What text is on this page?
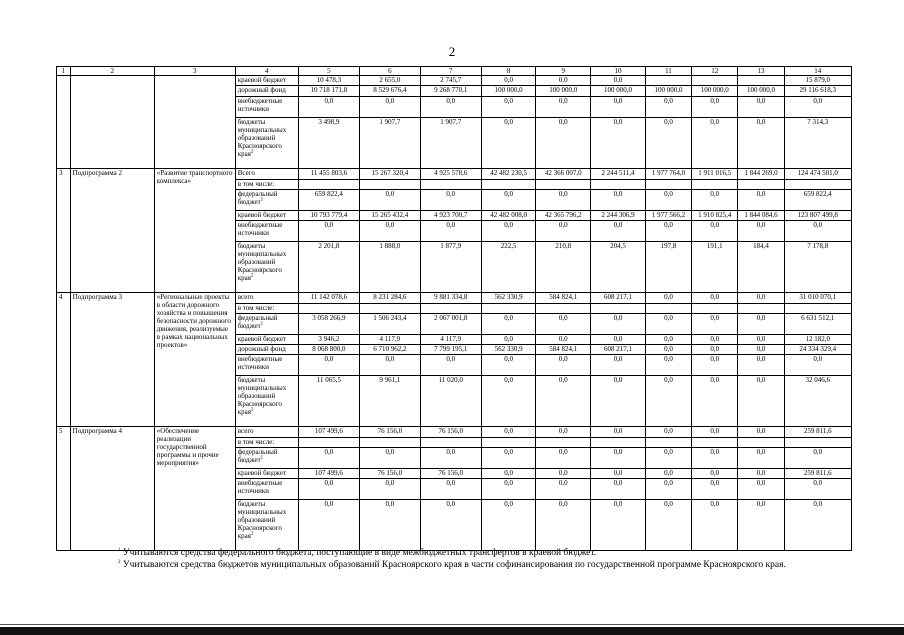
2
1	2	3	4	5	6	7	8	9	10	11	12	13	14
			краевой бюджет	10 478,3	2 655,0	2 745,7	0,0	0,0	0,0				15 879,0
			дорожный фонд	10 718 171,8	8 529 676,4	9 268 770,1	100 000,0	100 000,0	100 000,0	100 000,0	100 000,0	100 000,0	29 116 618,3
			внебюджетные источники	0,0	0,0	0,0	0,0	0,0	0,0	0,0	0,0	0,0	0,0
			бюджеты муниципальных образований Красноярского края$^2$	3 498,9	1 907,7	1 907,7	0,0	0,0	0,0	0,0	0,0	0,0	7 314,3
3	Подпрограмма 2	«Развитие транспортного комплекса»	Всего	11 455 803,6	15 267 320,4	4 925 578,6	42 482 230,5	42 366 007,0	2 244 511,4	1 977 764,0	1 911 016,5	1 844 269,0	124 474 501,0
			в том числе:										
			федеральный бюджет$^1$	659 822,4	0,0	0,0	0,0	0,0	0,0	0,0	0,0	0,0	659 822,4
			краевой бюджет	10 793 779,4	15 265 432,4	4 923 700,7	42 482 008,0	42 365 796,2	2 244 306,9	1 977 566,2	1 910 825,4	1 844 084,6	123 807 499,8
			внебюджетные источники	0,0	0,0	0,0	0,0	0,0	0,0	0,0	0,0	0,0	0,0
			бюджеты муниципальных образований Красноярского края$^2$	2 201,8	1 888,0	1 877,9	222,5	210,8	204,5	197,8	191,1	184,4	7 178,8
4	Подпрограмма 3	«Региональные проекты в области дорожного хозяйства и повышения безопасности дорожного движения, реализуемые в рамках национальных проектов»	всего	11 142 078,6	8 231 284,6	9 881 334,8	562 330,9	584 824,1	608 217,1	0,0	0,0	0,0	31 010 070,1
			в том числе:										
			федеральный бюджет$^1$	3 058 266,9	1 506 243,4	2 067 001,8	0,0	0,0	0,0	0,0	0,0	0,0	6 631 512,1
			краевой бюджет	3 946,2	4 117,9	4 117,9	0,0	0,0	0,0	0,0	0,0	0,0	12 182,0
			дорожный фонд	8 068 800,0	6 710 962,2	7 799 195,1	562 330,9	584 824,1	608 217,1	0,0	0,0	0,0	24 334 329,4
			внебюджетные источники	0,0	0,0	0,0	0,0	0,0	0,0	0,0	0,0	0,0	0,0
			бюджеты муниципальных образований Красноярского края$^2$	11 065,5	9 961,1	11 020,0	0,0	0,0	0,0	0,0	0,0	0,0	32 046,6
5	Подпрограмма 4	«Обеспечение реализации государственной программы и прочие мероприятия»	всего	107 499,6	76 156,0	76 156,0	0,0	0,0	0,0	0,0	0,0	0,0	259 811,6
			в том числе:										
			федеральный бюджет$^1$	0,0	0,0	0,0	0,0	0,0	0,0	0,0	0,0	0,0	0,0
			краевой бюджет	107 499,6	76 156,0	76 156,0	0,0	0,0	0,0	0,0	0,0	0,0	259 811,6
			внебюджетные источники	0,0	0,0	0,0	0,0	0,0	0,0	0,0	0,0	0,0	0,0
			бюджеты муниципальных образований Красноярского края$^2$	0,0	0,0	0,0	0,0	0,0	0,0	0,0	0,0	0,0	0,0
$^1$ Учитываются средства федерального бюджета, поступающие в виде межбюджетных трансфертов в краевой бюджет.
$^2$ Учитываются средства бюджетов муниципальных образований Красноярского края в части софинансирования по государственной программе Красноярского края.
